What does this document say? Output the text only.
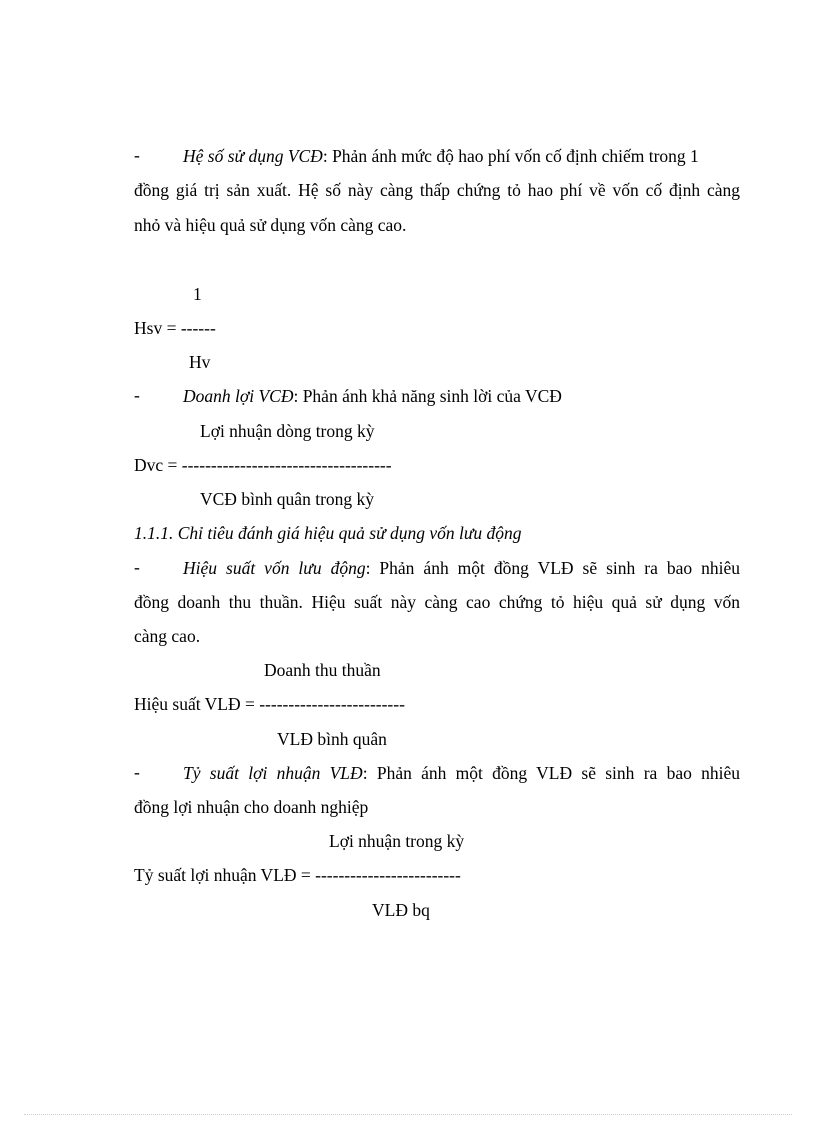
- Hệ số sử dụng VCĐ: Phản ánh mức độ hao phí vốn cố định chiếm trong 1
đồng giá trị sản xuất. Hệ số này càng thấp chứng tỏ hao phí về vốn cố định càng
nhỏ và hiệu quả sử dụng vốn càng cao.
1
Hsv = ------
Hv
- Doanh lợi VCĐ: Phản ánh khả năng sinh lời của VCĐ
Lợi nhuận dòng trong kỳ
Dvc = ------------------------------------
VCĐ bình quân trong kỳ
1.1.1. Chỉ tiêu đánh giá hiệu quả sử dụng vốn lưu động
- Hiệu suất vốn lưu động: Phản ánh một đồng VLĐ sẽ sinh ra bao nhiêu
đồng doanh thu thuần. Hiệu suất này càng cao chứng tỏ hiệu quả sử dụng vốn
càng cao.
Doanh thu thuần
Hiệu suất VLĐ = -------------------------
VLĐ bình quân
- Tỷ suất lợi nhuận VLĐ: Phản ánh một đồng VLĐ sẽ sinh ra bao nhiêu
đồng lợi nhuận cho doanh nghiệp
Lợi nhuận trong kỳ
Tỷ suất lợi nhuận VLĐ = -------------------------
VLĐ bq
